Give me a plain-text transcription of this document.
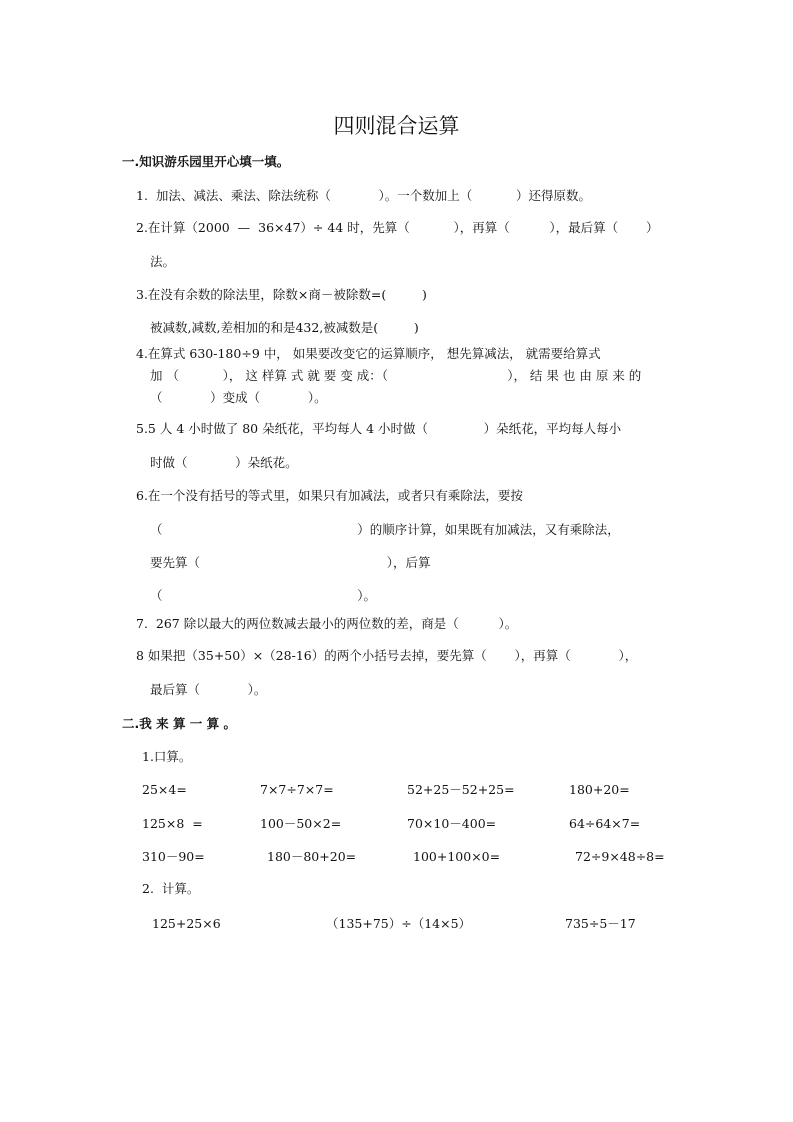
四则混合运算
一.知识游乐园里开心填一填。
1.  加法、减法、乘法、除法统称（            ）。一个数加上（           ）还得原数。
2.在计算（2000  —  36×47）÷ 44 时，先算（           ），再算（          ），最后算（       ）
法。
3.在没有余数的除法里，除数×商－被除数=(         )
被减数,减数,差相加的和是432,被减数是(         )
4.在算式 630-180÷9 中， 如果要改变它的运算顺序， 想先算减法， 就需要给算式
加 （           ）， 这 样算 式 就 要 变 成：（                              ）， 结 果 也 由 原 来 的
（            ）变成（            ）。
5.5 人 4 小时做了 80 朵纸花，平均每人 4 小时做（              ）朵纸花，平均每人每小
时做（            ）朵纸花。
6.在一个没有括号的等式里，如果只有加减法，或者只有乘除法，要按
（                                                 ）的顺序计算，如果既有加减法，又有乘除法，
要先算（                                               ），后算
（                                                 ）。
7.  267 除以最大的两位数减去最小的两位数的差，商是（          ）。
8 如果把（35+50）×（28-16）的两个小括号去掉，要先算（       ），再算（            ），
最后算（            ）。
二.我 来 算 一 算 。
1.口算。
25×4=	7×7÷7×7=	52+25－52+25=	180+20=
125×8  =	100－50×2=	70×10－400=	64÷64×7=
310－90=	180－80+20=	100+100×0=	72÷9×48÷8=
2.  计算。
125+25×6	（135+75）÷（14×5）	735÷5－17
